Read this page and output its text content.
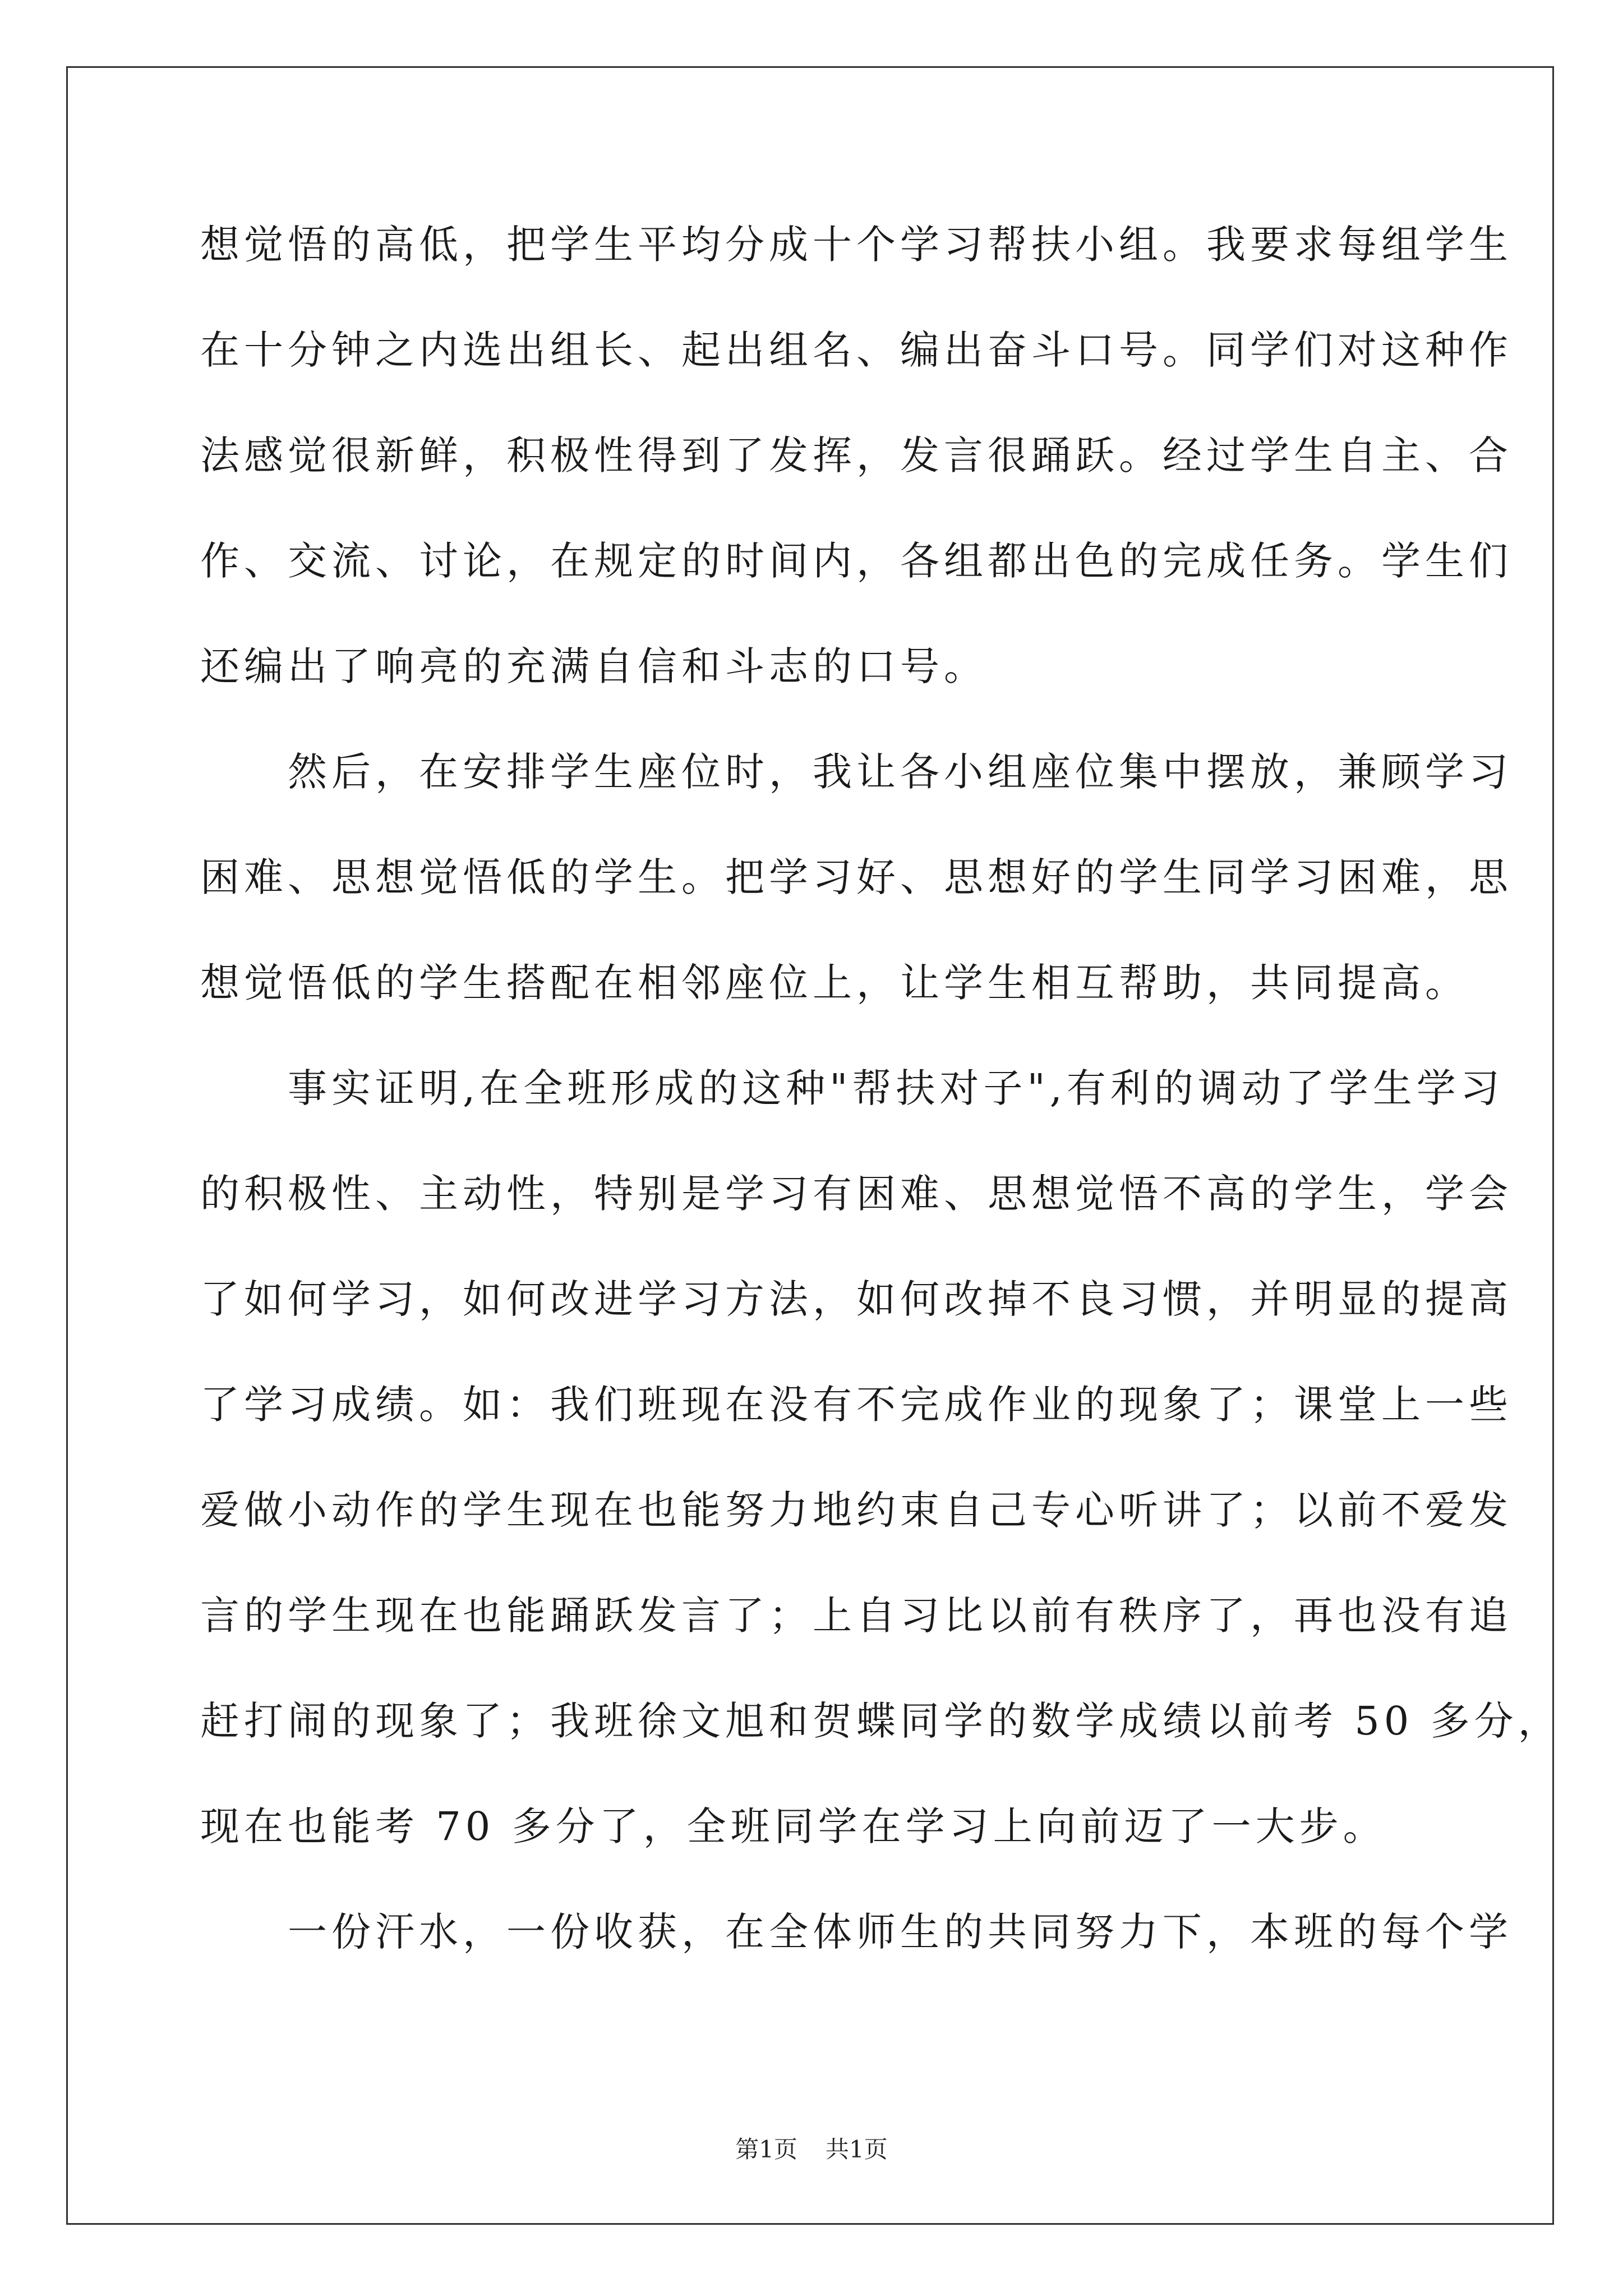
想觉悟的高低，把学生平均分成十个学习帮扶小组。我要求每组学生
在十分钟之内选出组长、起出组名、编出奋斗口号。同学们对这种作
法感觉很新鲜，积极性得到了发挥，发言很踊跃。经过学生自主、合
作、交流、讨论，在规定的时间内，各组都出色的完成任务。学生们
还编出了响亮的充满自信和斗志的口号。
　　然后，在安排学生座位时，我让各小组座位集中摆放，兼顾学习
困难、思想觉悟低的学生。把学习好、思想好的学生同学习困难，思
想觉悟低的学生搭配在相邻座位上，让学生相互帮助，共同提高。
　　事实证明,在全班形成的这种"帮扶对子",有利的调动了学生学习
的积极性、主动性，特别是学习有困难、思想觉悟不高的学生，学会
了如何学习，如何改进学习方法，如何改掉不良习惯，并明显的提高
了学习成绩。如：我们班现在没有不完成作业的现象了；课堂上一些
爱做小动作的学生现在也能努力地约束自己专心听讲了；以前不爱发
言的学生现在也能踊跃发言了；上自习比以前有秩序了，再也没有追
赶打闹的现象了；我班徐文旭和贺蝶同学的数学成绩以前考 50 多分，
现在也能考 70 多分了，全班同学在学习上向前迈了一大步。
　　一份汗水，一份收获，在全体师生的共同努力下，本班的每个学
第1页 共1页
